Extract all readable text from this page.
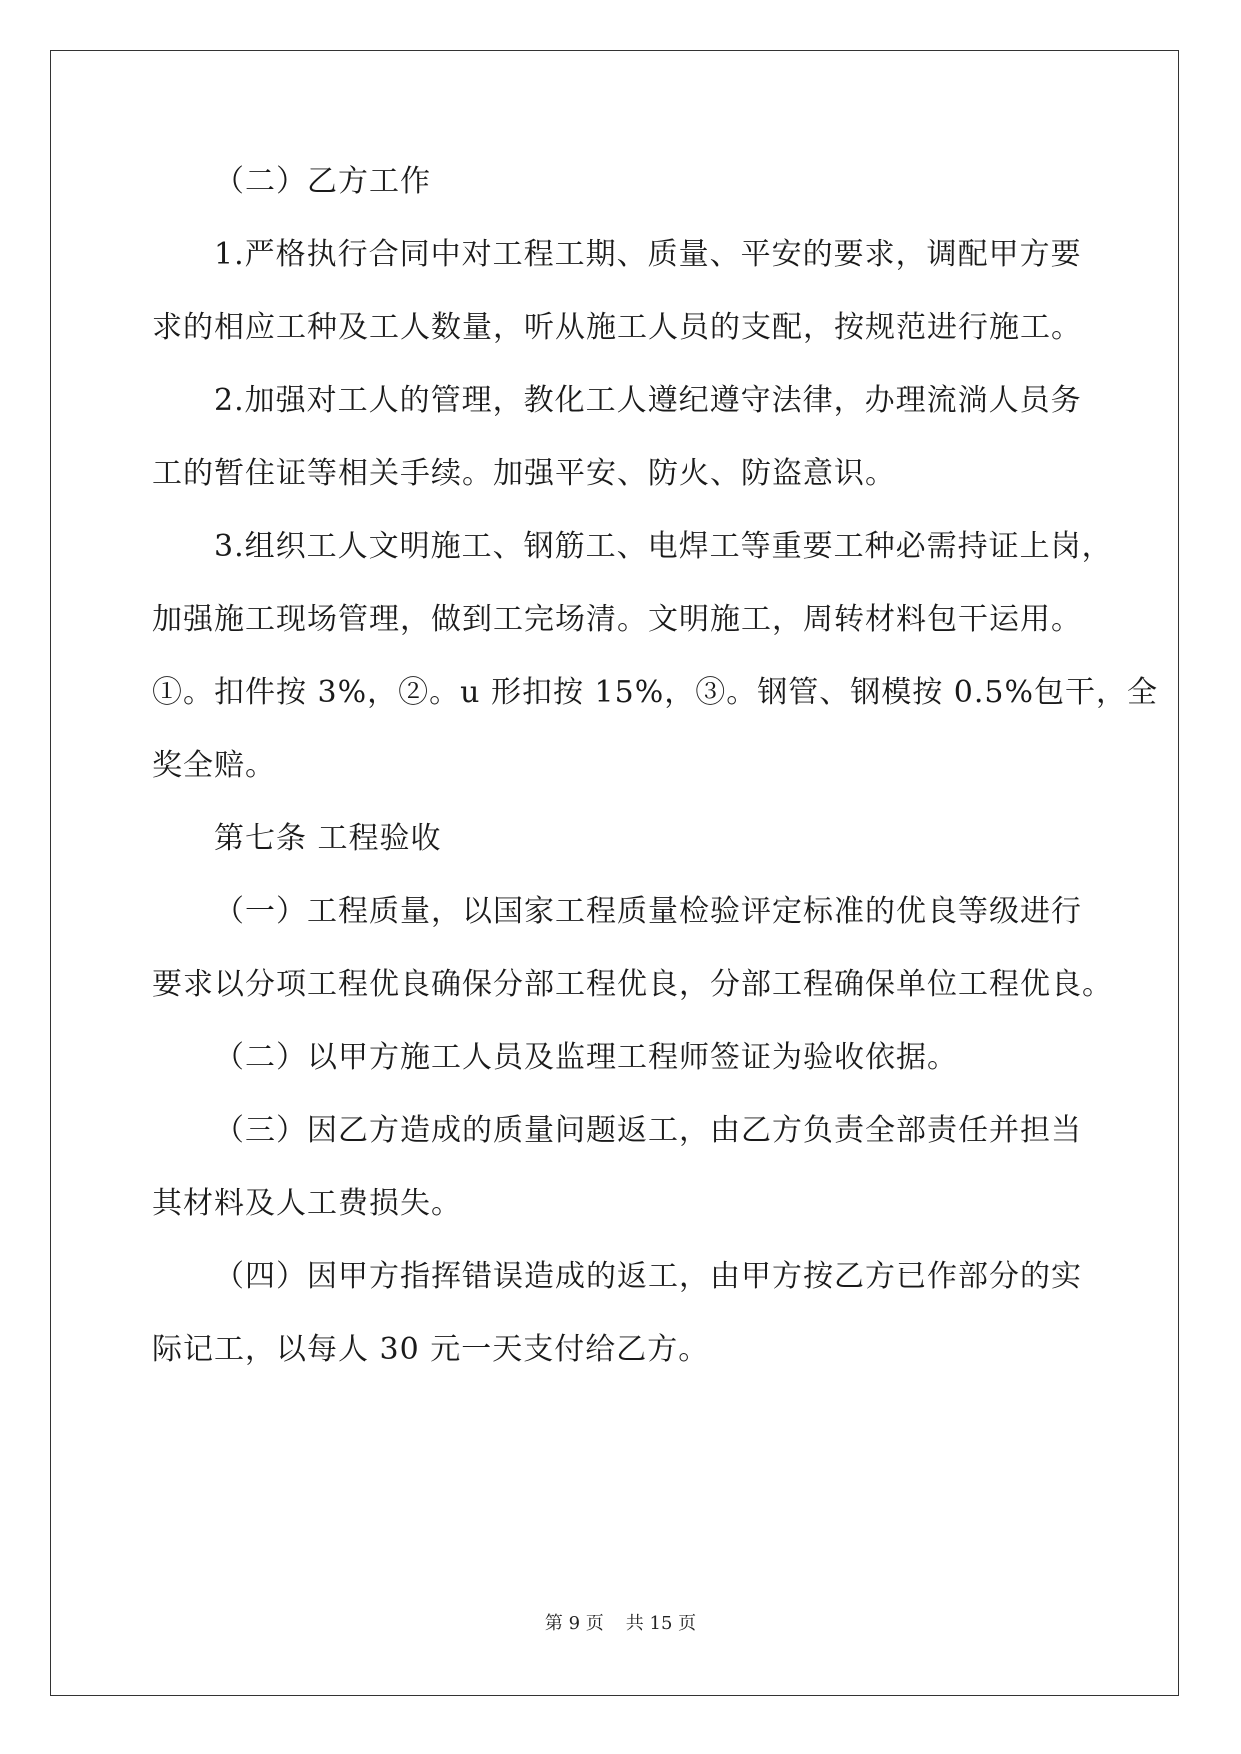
（二）乙方工作
1.严格执行合同中对工程工期、质量、平安的要求，调配甲方要
求的相应工种及工人数量，听从施工人员的支配，按规范进行施工。
2.加强对工人的管理，教化工人遵纪遵守法律，办理流淌人员务
工的暂住证等相关手续。加强平安、防火、防盗意识。
3.组织工人文明施工、钢筋工、电焊工等重要工种必需持证上岗，
加强施工现场管理，做到工完场清。文明施工，周转材料包干运用。
①。扣件按 3%，②。u 形扣按 15%，③。钢管、钢模按 0.5%包干，全
奖全赔。
第七条 工程验收
（一）工程质量，以国家工程质量检验评定标准的优良等级进行
要求以分项工程优良确保分部工程优良，分部工程确保单位工程优良。
（二）以甲方施工人员及监理工程师签证为验收依据。
（三）因乙方造成的质量问题返工，由乙方负责全部责任并担当
其材料及人工费损失。
（四）因甲方指挥错误造成的返工，由甲方按乙方已作部分的实
际记工，以每人 30 元一天支付给乙方。
第 9 页 共 15 页
